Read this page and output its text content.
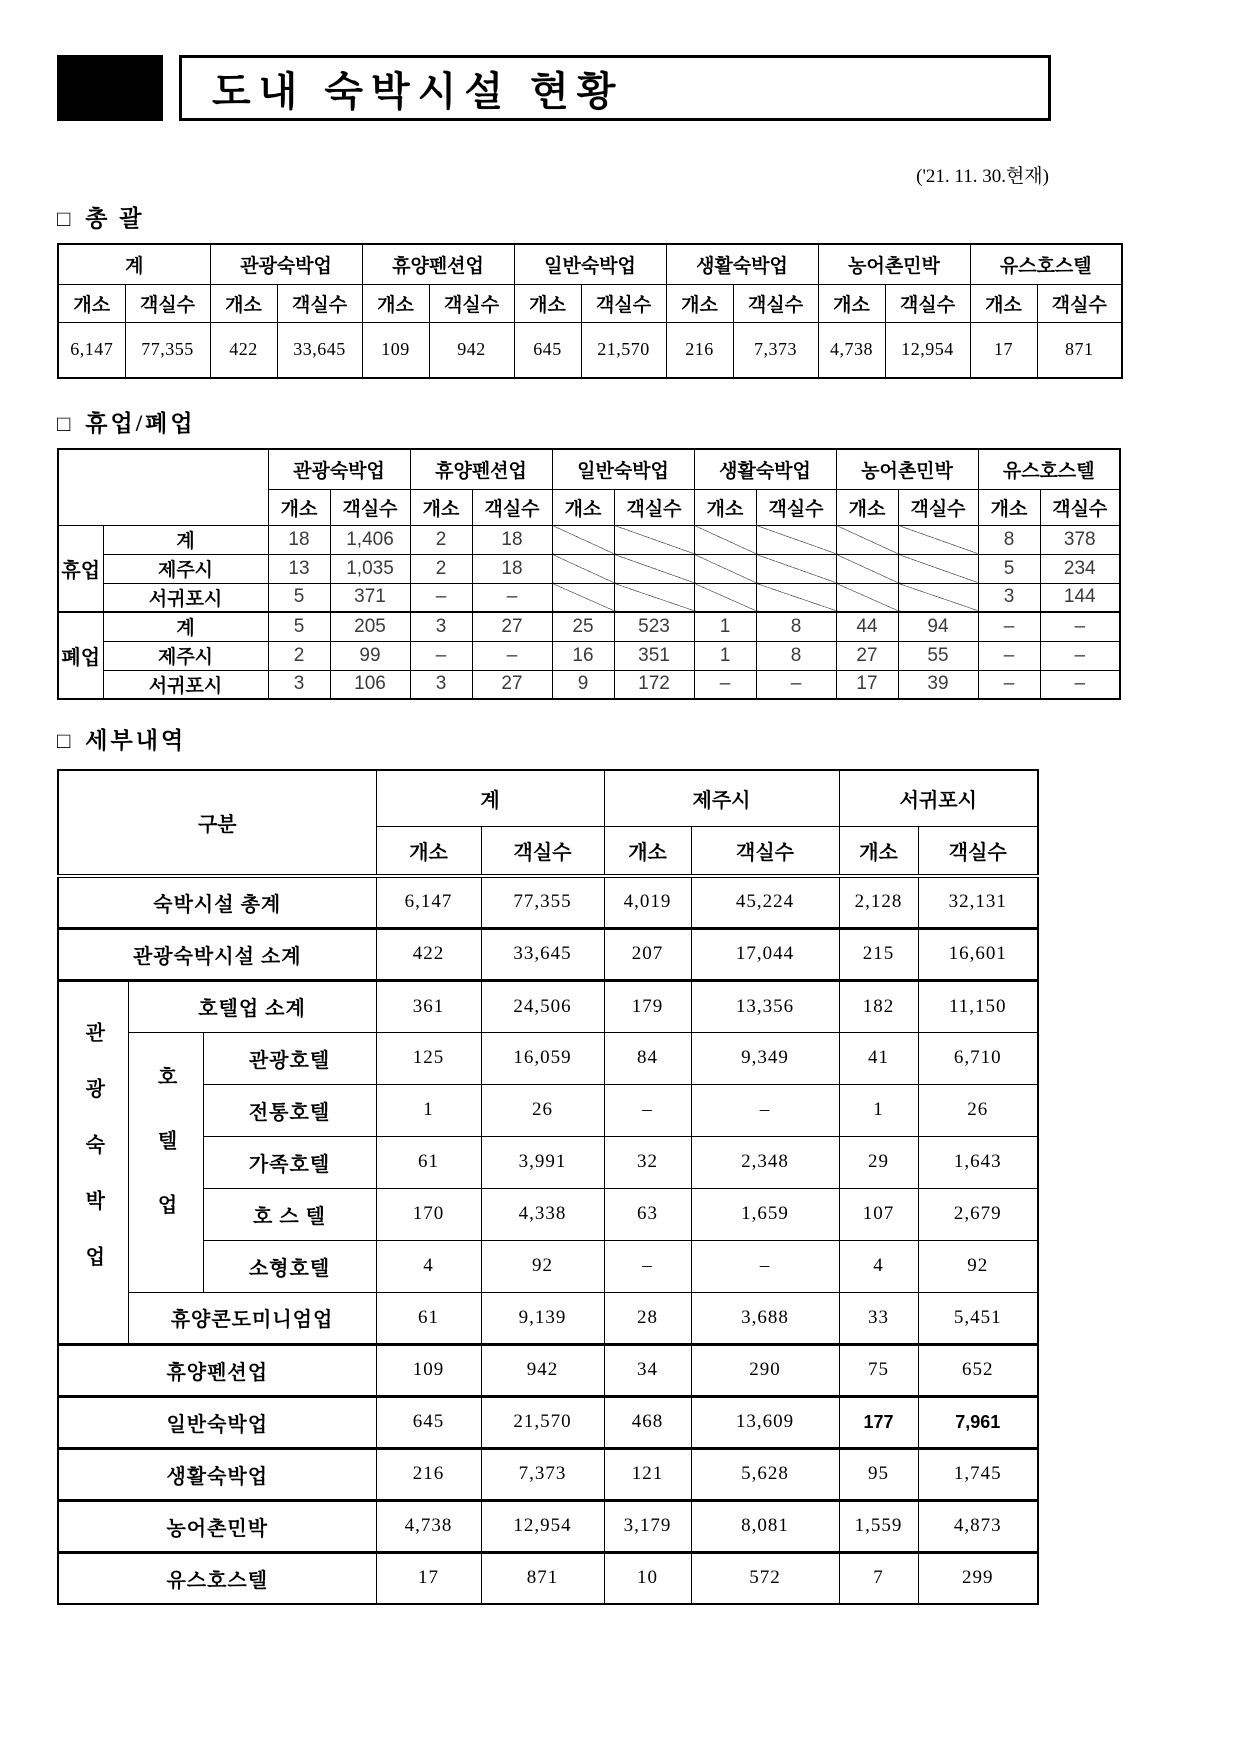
도내 숙박시설 현황
('21. 11. 30.현재)
□ 총 괄
계		관광숙박업		휴양펜션업		일반숙박업		생활숙박업		농어촌민박		유스호스텔	
개소	객실수	개소	객실수	개소	객실수	개소	객실수	개소	객실수	개소	객실수	개소	객실수
6,147	77,355	422	33,645	109	942	645	21,570	216	7,373	4,738	12,954	17	871
□ 휴업/폐업
		관광숙박업		휴양펜션업		일반숙박업		생활숙박업		농어촌민박		유스호스텔	
		개소	객실수	개소	객실수	개소	객실수	개소	객실수	개소	객실수	개소	객실수
휴업	계	18	1,406	2	18							8	378
	제주시	13	1,035	2	18							5	234
	서귀포시	5	371	–	–							3	144
폐업	계	5	205	3	27	25	523	1	8	44	94	–	–
	제주시	2	99	–	–	16	351	1	8	27	55	–	–
	서귀포시	3	106	3	27	9	172	–	–	17	39	–	–
□ 세부내역
구분			계		제주시		서귀포시	
			개소	객실수	개소	객실수	개소	객실수
숙박시설 총계			6,147	77,355	4,019	45,224	2,128	32,131
관광숙박시설 소계			422	33,645	207	17,044	215	16,601

관광숙박업	호텔업 소계		361	24,506	179	13,356	182	11,150

	호텔업	관광호텔	125	16,059	84	9,349	41	6,710
		전통호텔	1	26	–	–	1	26
		가족호텔	61	3,991	32	2,348	29	1,643
		호 스 텔	170	4,338	63	1,659	107	2,679
		소형호텔	4	92	–	–	4	92
	휴양콘도미니엄업		61	9,139	28	3,688	33	5,451
휴양펜션업			109	942	34	290	75	652
일반숙박업			645	21,570	468	13,609	177	7,961
생활숙박업			216	7,373	121	5,628	95	1,745
농어촌민박			4,738	12,954	3,179	8,081	1,559	4,873
유스호스텔			17	871	10	572	7	299
